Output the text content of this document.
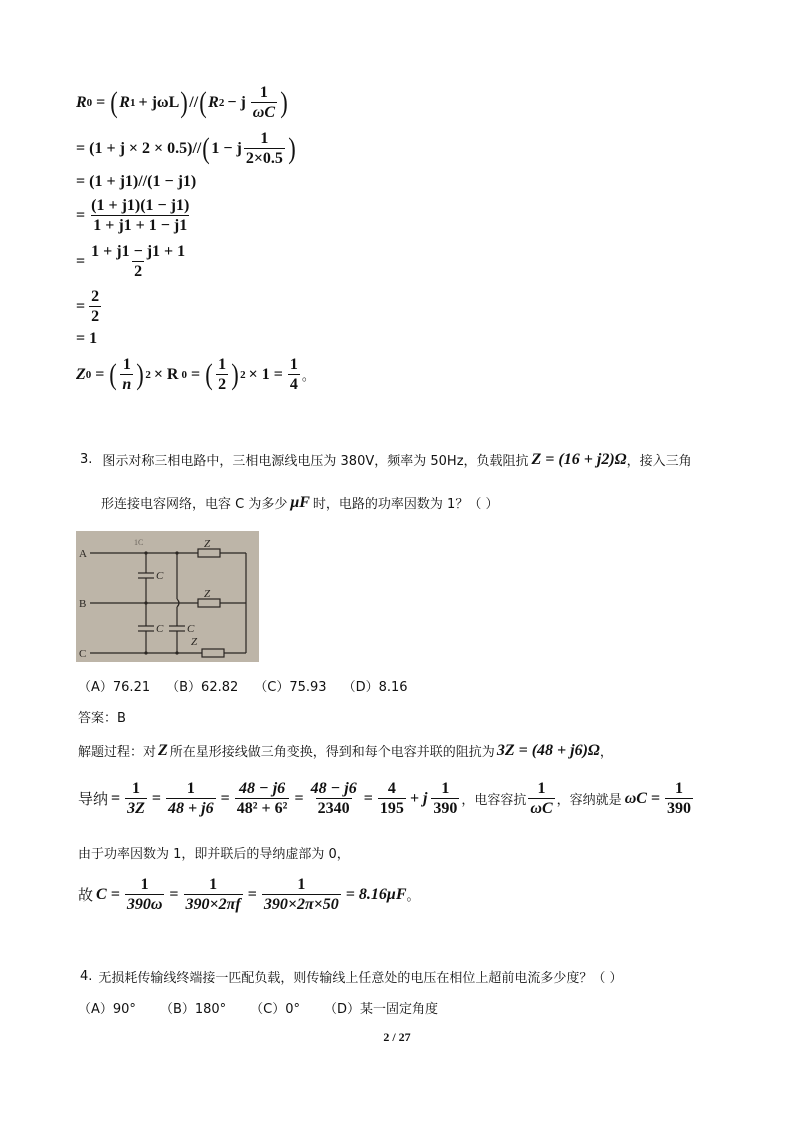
R 0 = ( R 1 + jωL ) // ( R 2 − j $\frac{1}{\omega C}$ )
= (1 + j × 2 × 0.5) // ( 1 − j $\frac{1}{2\times 0.5}$ )
= (1 + j1)//(1 − j1)
= $\frac{(1 + j1)(1 - j1)}{1 + j1 + 1 - j1}$
= $\frac{1 + j1 - j1 + 1}{2}$
= $\frac{2}{2}$
= 1
Z 0 = ( $\frac{1}{n}$ ) 2 × R 0 = ( $\frac{1}{2}$ ) $2 \times 1 = \frac{1}{4}$ 。
3. 图示对称三相电路中，三相电源线电压为 380V，频率为 50Hz，负载阻抗 Z = (16 + j2)Ω ，接入三角
形连接电容网络，电容 C 为多少 μF 时，电路的功率因数为 1？（ ）
A
B
C
C
C C
Z
Z
Z
1C
（A）76.21 （B）62.82 （C）75.93 （D）8.16
答案：B
解题过程：对 Z 所在星形接线做三角变换，得到和每个电容并联的阻抗为 3Z = (48 + j6)Ω ，
导纳 = $\frac{1}{3Z} = \frac{1}{48 + j6} = \frac{48 - j6}{\text{48² + 6²}} = \frac{48 - j6}{2340} = \frac{4}{195} + j \frac{1}{390}$ ，电容容抗 $\frac{1}{\omega C}$ ，容纳就是 $\omega C = \frac{1}{390}$
由于功率因数为 1，即并联后的导纳虚部为 0，
故 $C = \frac{1}{390\omega} = \frac{1}{390\times 2\pi f} = \frac{1}{390\times 2\pi\times 50} = 8.16\mu F$ 。
4. 无损耗传输线终端接一匹配负载，则传输线上任意处的电压在相位上超前电流多少度？（ ）
（A）90° （B）180° （C）0° （D）某一固定角度
2 / 27
